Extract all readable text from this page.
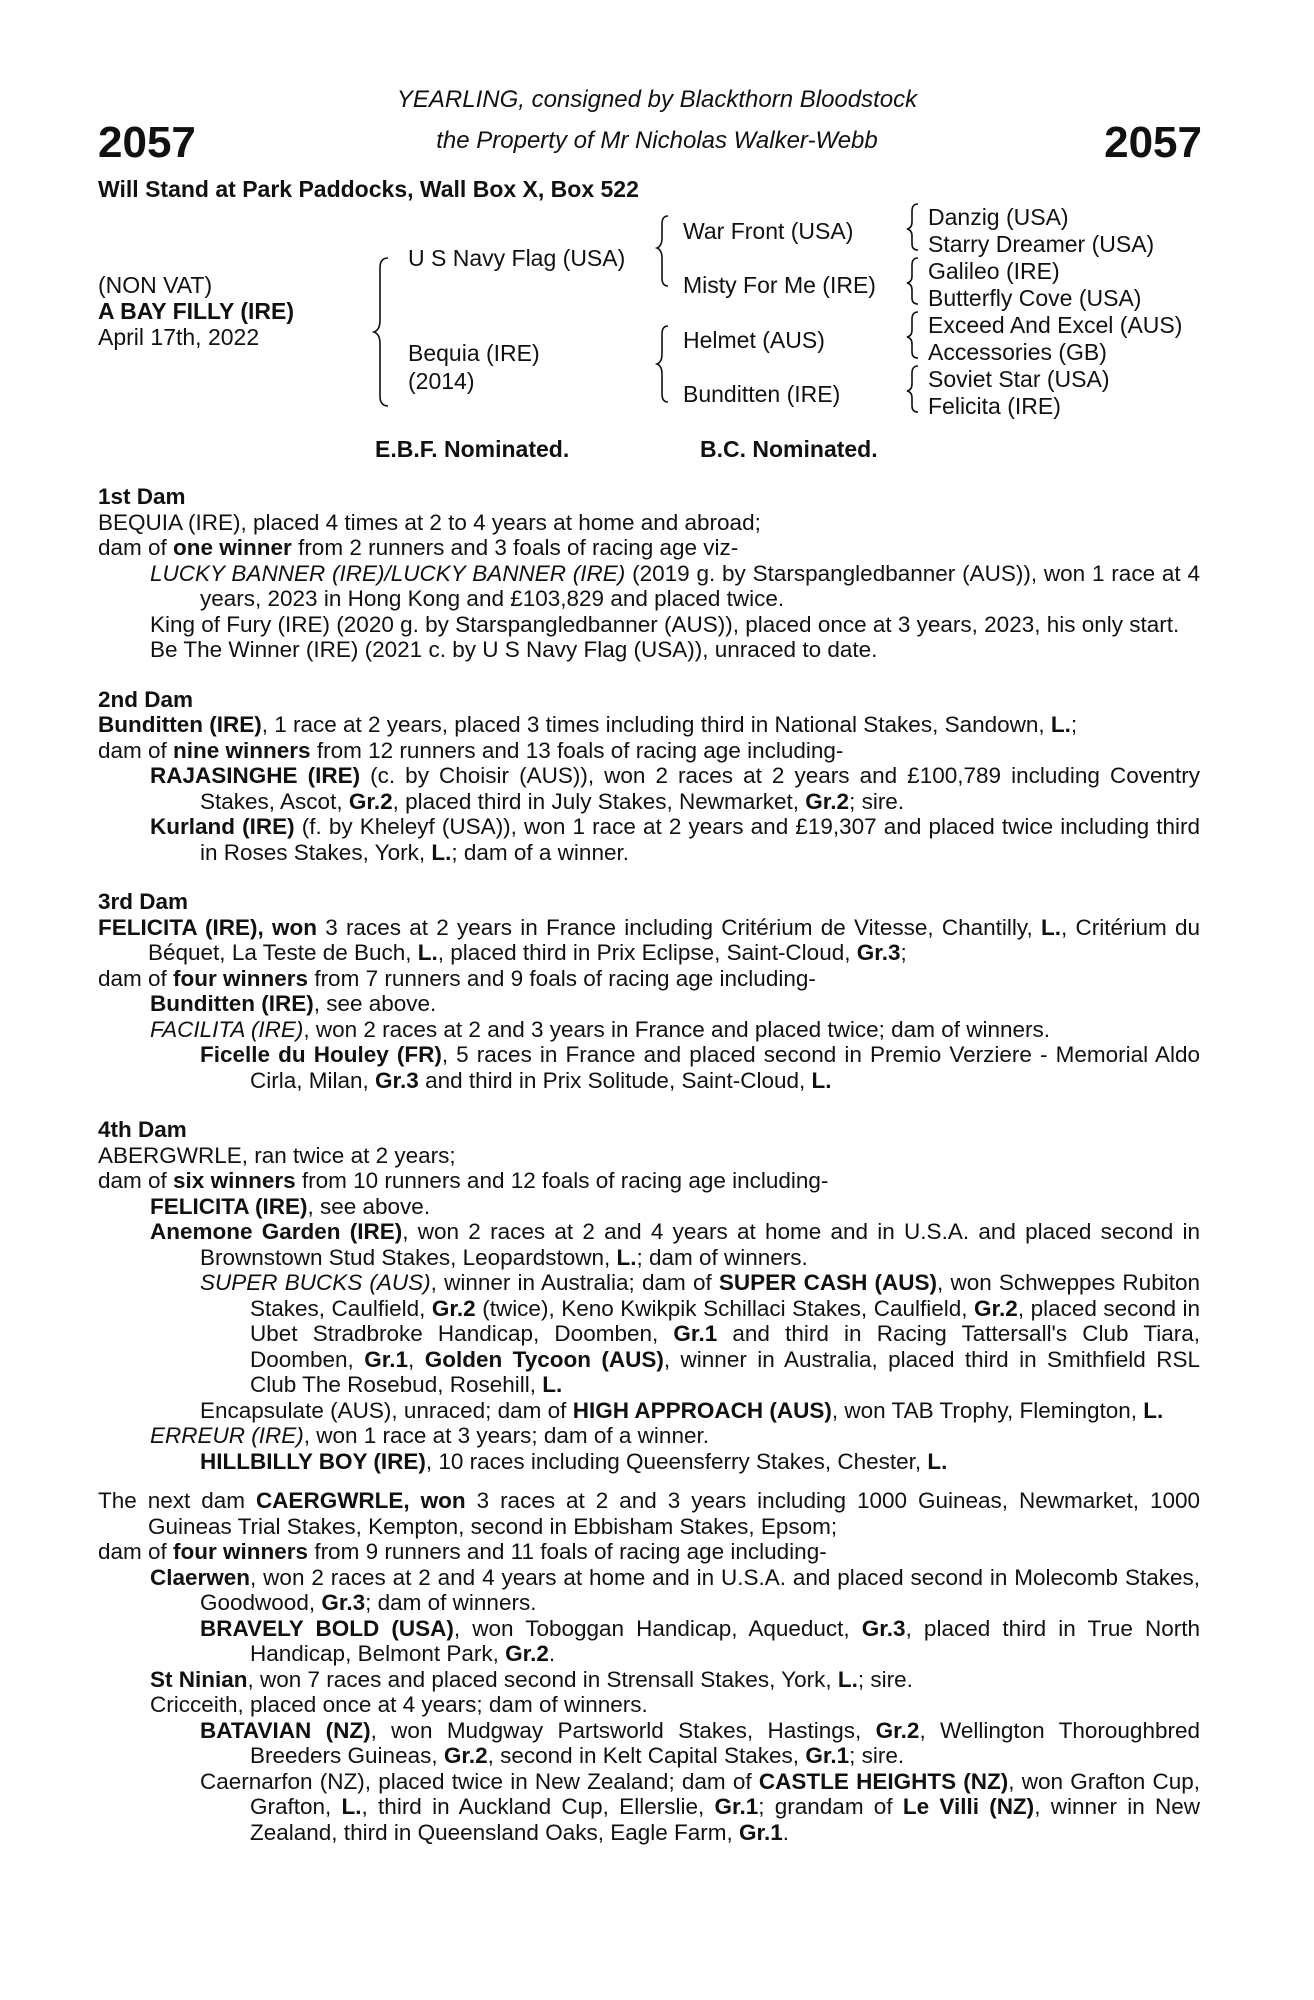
2057	2057
YEARLING, consigned by Blackthorn Bloodstock
the Property of Mr Nicholas Walker-Webb
Will Stand at Park Paddocks, Wall Box X, Box 522
(NON VAT)
A BAY FILLY (IRE)
April 17th, 2022
U S Navy Flag (USA)
Bequia (IRE)
(2014)
War Front (USA)
Misty For Me (IRE)
Helmet (AUS)
Bunditten (IRE)
Danzig (USA)
Starry Dreamer (USA)
Galileo (IRE)
Butterfly Cove (USA)
Exceed And Excel (AUS)
Accessories (GB)
Soviet Star (USA)
Felicita (IRE)
E.B.F. Nominated.	B.C. Nominated.

1st Dam

BEQUIA (IRE), placed 4 times at 2 to 4 years at home and abroad;

dam of one winner from 2 runners and 3 foals of racing age viz-

LUCKY BANNER (IRE)/LUCKY BANNER (IRE) (2019 g. by Starspangledbanner (AUS)), won 1 race at 4 years, 2023 in Hong Kong and £103,829 and placed twice.

King of Fury (IRE) (2020 g. by Starspangledbanner (AUS)), placed once at 3 years, 2023, his only start.

Be The Winner (IRE) (2021 c. by U S Navy Flag (USA)), unraced to date.

2nd Dam

Bunditten (IRE), 1 race at 2 years, placed 3 times including third in National Stakes, Sandown, L.;

dam of nine winners from 12 runners and 13 foals of racing age including-

RAJASINGHE (IRE) (c. by Choisir (AUS)), won 2 races at 2 years and £100,789 including Coventry Stakes, Ascot, Gr.2, placed third in July Stakes, Newmarket, Gr.2; sire.

Kurland (IRE) (f. by Kheleyf (USA)), won 1 race at 2 years and £19,307 and placed twice including third in Roses Stakes, York, L.; dam of a winner.

3rd Dam

FELICITA (IRE), won 3 races at 2 years in France including Critérium de Vitesse, Chantilly, L., Critérium du Béquet, La Teste de Buch, L., placed third in Prix Eclipse, Saint-Cloud, Gr.3;

dam of four winners from 7 runners and 9 foals of racing age including-

Bunditten (IRE), see above.

FACILITA (IRE), won 2 races at 2 and 3 years in France and placed twice; dam of winners.

Ficelle du Houley (FR), 5 races in France and placed second in Premio Verziere - Memorial Aldo Cirla, Milan, Gr.3 and third in Prix Solitude, Saint-Cloud, L.

4th Dam

ABERGWRLE, ran twice at 2 years;

dam of six winners from 10 runners and 12 foals of racing age including-

FELICITA (IRE), see above.

Anemone Garden (IRE), won 2 races at 2 and 4 years at home and in U.S.A. and placed second in Brownstown Stud Stakes, Leopardstown, L.; dam of winners.

SUPER BUCKS (AUS), winner in Australia; dam of SUPER CASH (AUS), won Schweppes Rubiton Stakes, Caulfield, Gr.2 (twice), Keno Kwikpik Schillaci Stakes, Caulfield, Gr.2, placed second in Ubet Stradbroke Handicap, Doomben, Gr.1 and third in Racing Tattersall's Club Tiara, Doomben, Gr.1, Golden Tycoon (AUS), winner in Australia, placed third in Smithfield RSL Club The Rosebud, Rosehill, L.

Encapsulate (AUS), unraced; dam of HIGH APPROACH (AUS), won TAB Trophy, Flemington, L.

ERREUR (IRE), won 1 race at 3 years; dam of a winner.

HILLBILLY BOY (IRE), 10 races including Queensferry Stakes, Chester, L.

The next dam CAERGWRLE, won 3 races at 2 and 3 years including 1000 Guineas, Newmarket, 1000 Guineas Trial Stakes, Kempton, second in Ebbisham Stakes, Epsom;

dam of four winners from 9 runners and 11 foals of racing age including-

Claerwen, won 2 races at 2 and 4 years at home and in U.S.A. and placed second in Molecomb Stakes, Goodwood, Gr.3; dam of winners.

BRAVELY BOLD (USA), won Toboggan Handicap, Aqueduct, Gr.3, placed third in True North Handicap, Belmont Park, Gr.2.

St Ninian, won 7 races and placed second in Strensall Stakes, York, L.; sire.

Cricceith, placed once at 4 years; dam of winners.

BATAVIAN (NZ), won Mudgway Partsworld Stakes, Hastings, Gr.2, Wellington Thoroughbred Breeders Guineas, Gr.2, second in Kelt Capital Stakes, Gr.1; sire.

Caernarfon (NZ), placed twice in New Zealand; dam of CASTLE HEIGHTS (NZ), won Grafton Cup, Grafton, L., third in Auckland Cup, Ellerslie, Gr.1; grandam of Le Villi (NZ), winner in New Zealand, third in Queensland Oaks, Eagle Farm, Gr.1.
